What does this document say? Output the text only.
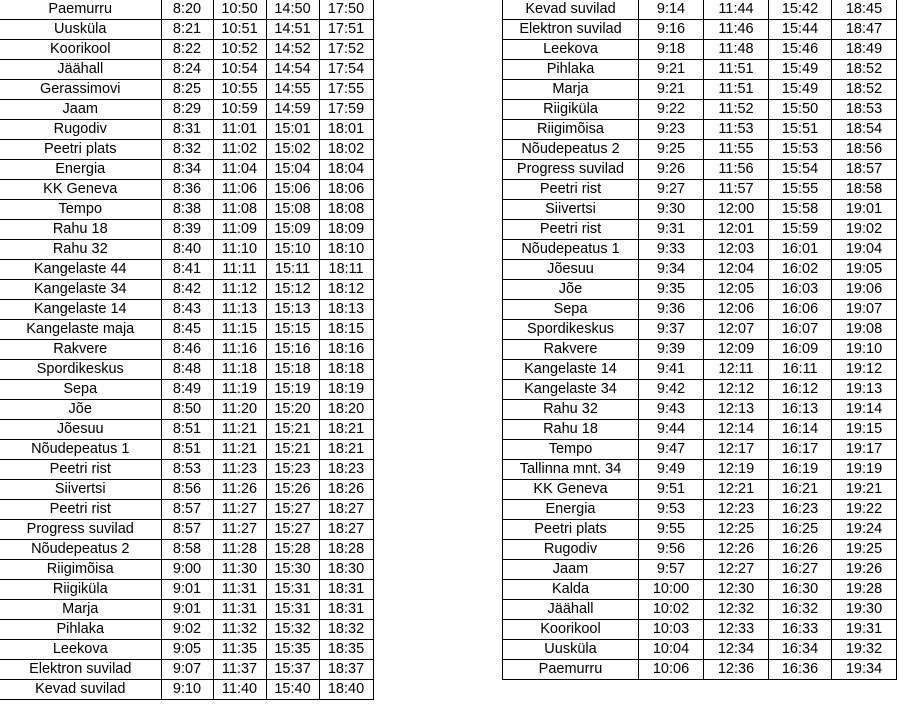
Paemurru	8:20	10:50	14:50	17:50
Uusküla	8:21	10:51	14:51	17:51
Koorikool	8:22	10:52	14:52	17:52
Jäähall	8:24	10:54	14:54	17:54
Gerassimovi	8:25	10:55	14:55	17:55
Jaam	8:29	10:59	14:59	17:59
Rugodiv	8:31	11:01	15:01	18:01
Peetri plats	8:32	11:02	15:02	18:02
Energia	8:34	11:04	15:04	18:04
KK Geneva	8:36	11:06	15:06	18:06
Tempo	8:38	11:08	15:08	18:08
Rahu 18	8:39	11:09	15:09	18:09
Rahu 32	8:40	11:10	15:10	18:10
Kangelaste 44	8:41	11:11	15:11	18:11
Kangelaste 34	8:42	11:12	15:12	18:12
Kangelaste 14	8:43	11:13	15:13	18:13
Kangelaste maja	8:45	11:15	15:15	18:15
Rakvere	8:46	11:16	15:16	18:16
Spordikeskus	8:48	11:18	15:18	18:18
Sepa	8:49	11:19	15:19	18:19
Jõe	8:50	11:20	15:20	18:20
Jõesuu	8:51	11:21	15:21	18:21
Nõudepeatus 1	8:51	11:21	15:21	18:21
Peetri rist	8:53	11:23	15:23	18:23
Siivertsi	8:56	11:26	15:26	18:26
Peetri rist	8:57	11:27	15:27	18:27
Progress suvilad	8:57	11:27	15:27	18:27
Nõudepeatus 2	8:58	11:28	15:28	18:28
Riigimõisa	9:00	11:30	15:30	18:30
Riigiküla	9:01	11:31	15:31	18:31
Marja	9:01	11:31	15:31	18:31
Pihlaka	9:02	11:32	15:32	18:32
Leekova	9:05	11:35	15:35	18:35
Elektron suvilad	9:07	11:37	15:37	18:37
Kevad suvilad	9:10	11:40	15:40	18:40
Kevad suvilad	9:14	11:44	15:42	18:45
Elektron suvilad	9:16	11:46	15:44	18:47
Leekova	9:18	11:48	15:46	18:49
Pihlaka	9:21	11:51	15:49	18:52
Marja	9:21	11:51	15:49	18:52
Riigiküla	9:22	11:52	15:50	18:53
Riigimõisa	9:23	11:53	15:51	18:54
Nõudepeatus 2	9:25	11:55	15:53	18:56
Progress suvilad	9:26	11:56	15:54	18:57
Peetri rist	9:27	11:57	15:55	18:58
Siivertsi	9:30	12:00	15:58	19:01
Peetri rist	9:31	12:01	15:59	19:02
Nõudepeatus 1	9:33	12:03	16:01	19:04
Jõesuu	9:34	12:04	16:02	19:05
Jõe	9:35	12:05	16:03	19:06
Sepa	9:36	12:06	16:06	19:07
Spordikeskus	9:37	12:07	16:07	19:08
Rakvere	9:39	12:09	16:09	19:10
Kangelaste 14	9:41	12:11	16:11	19:12
Kangelaste 34	9:42	12:12	16:12	19:13
Rahu 32	9:43	12:13	16:13	19:14
Rahu 18	9:44	12:14	16:14	19:15
Tempo	9:47	12:17	16:17	19:17
Tallinna mnt. 34	9:49	12:19	16:19	19:19
KK Geneva	9:51	12:21	16:21	19:21
Energia	9:53	12:23	16:23	19:22
Peetri plats	9:55	12:25	16:25	19:24
Rugodiv	9:56	12:26	16:26	19:25
Jaam	9:57	12:27	16:27	19:26
Kalda	10:00	12:30	16:30	19:28
Jäähall	10:02	12:32	16:32	19:30
Koorikool	10:03	12:33	16:33	19:31
Uusküla	10:04	12:34	16:34	19:32
Paemurru	10:06	12:36	16:36	19:34
